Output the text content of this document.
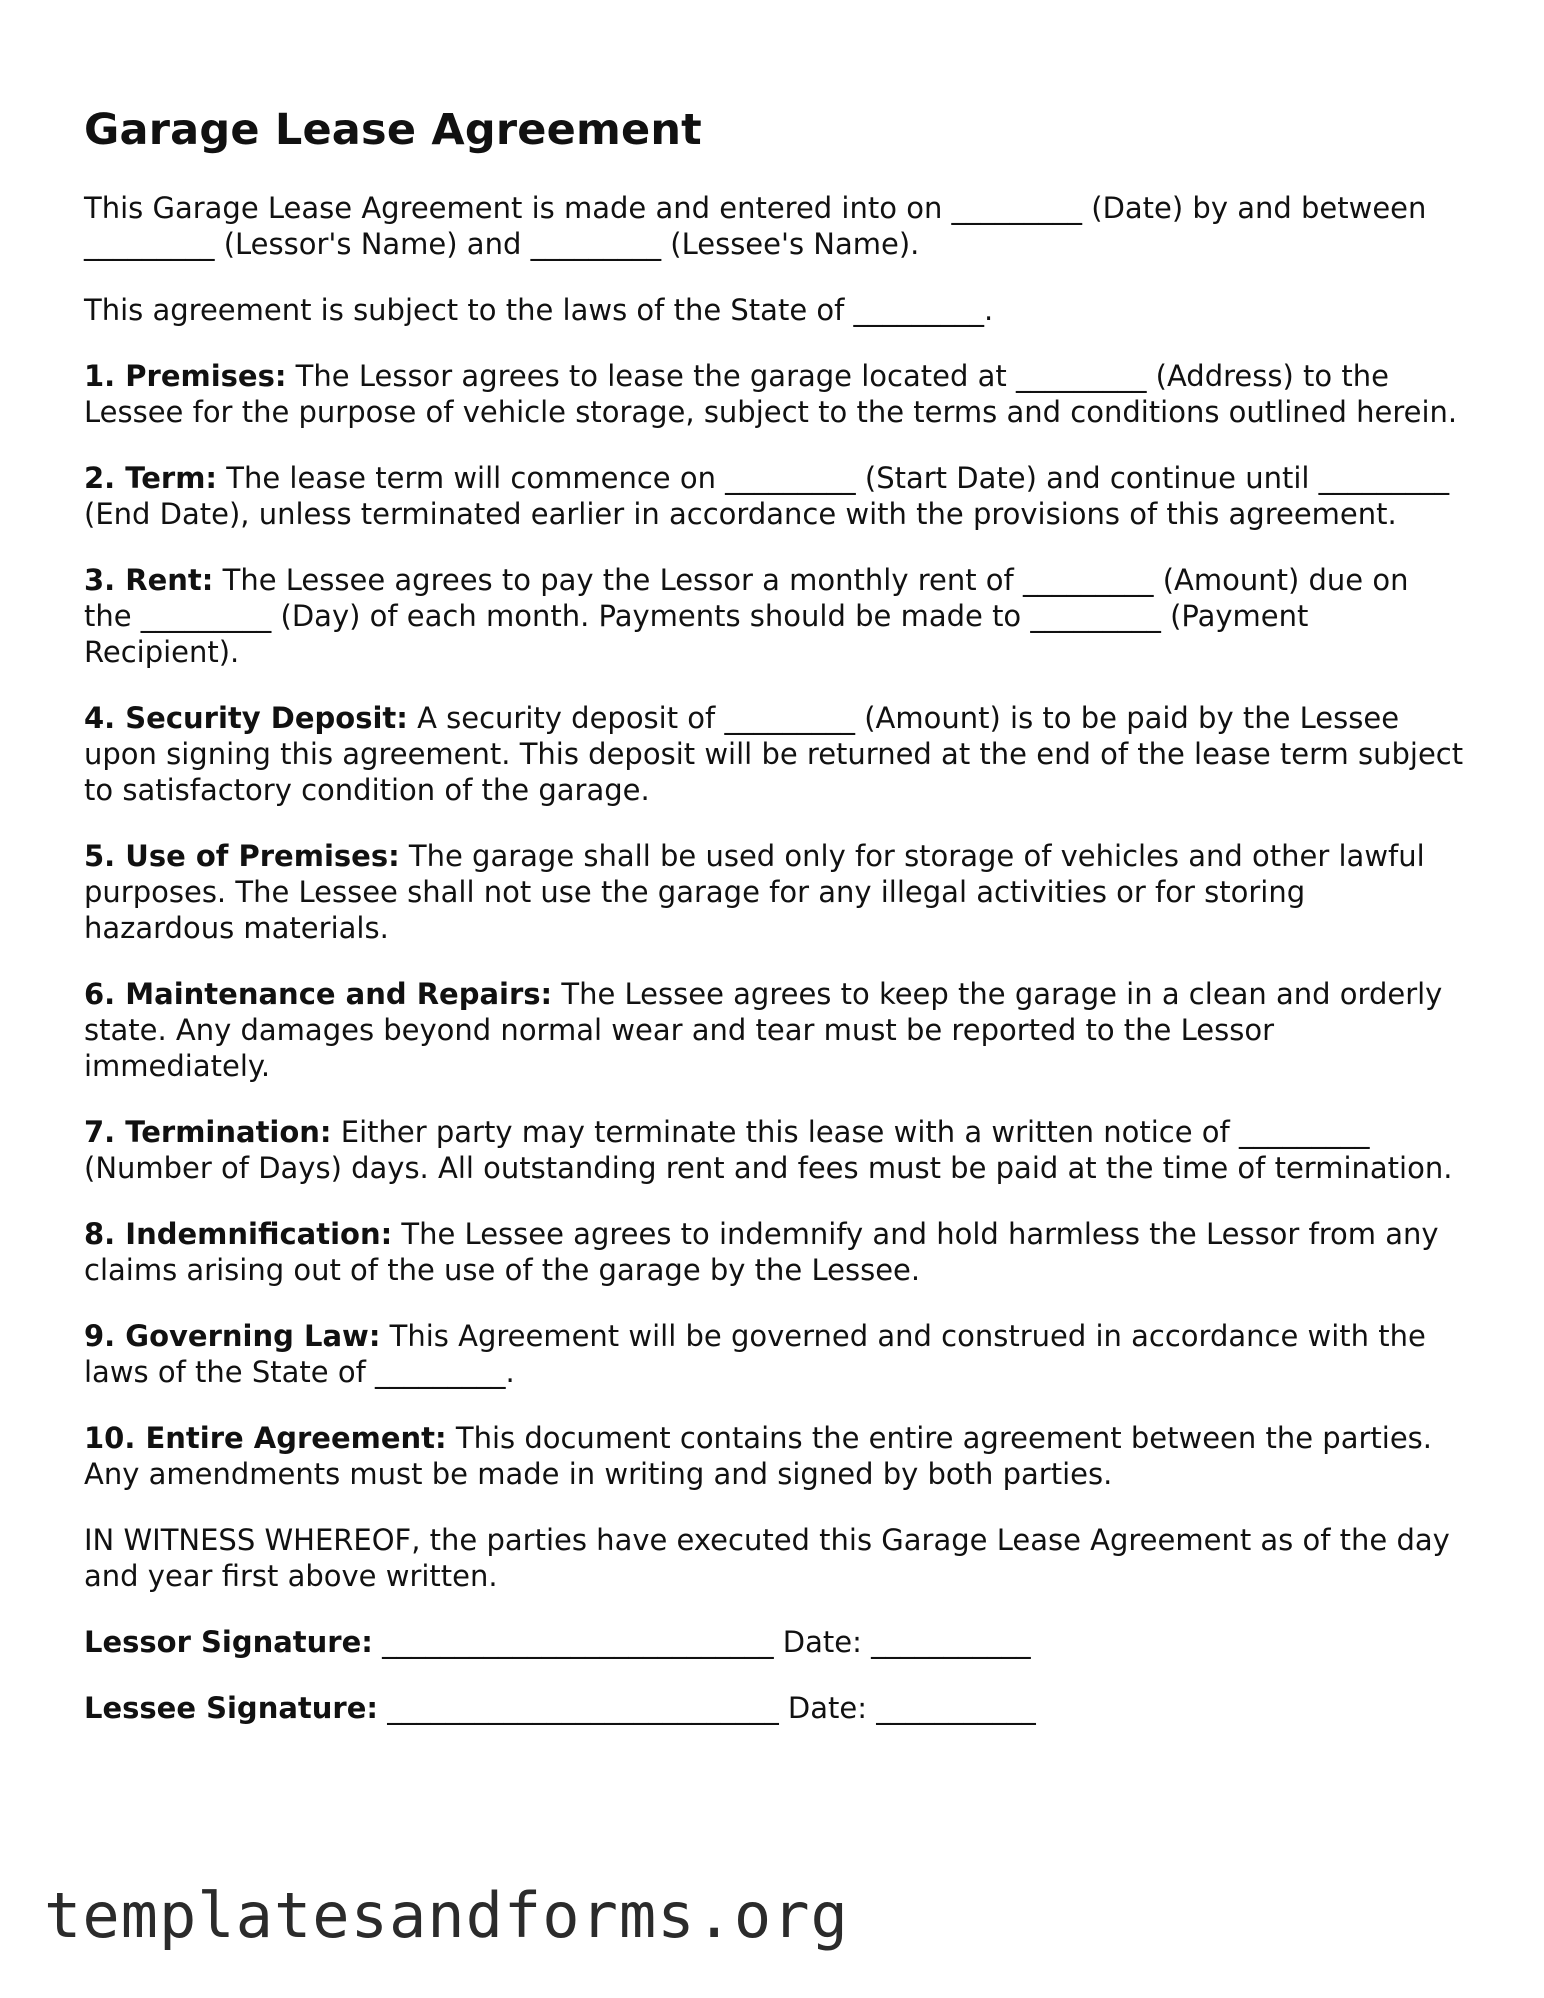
Garage Lease Agreement

This Garage Lease Agreement is made and entered into on _________ (Date) by and between _________ (Lessor's Name) and _________ (Lessee's Name).

This agreement is subject to the laws of the State of _________.

1. Premises: The Lessor agrees to lease the garage located at _________ (Address) to the Lessee for the purpose of vehicle storage, subject to the terms and conditions outlined herein.

2. Term: The lease term will commence on _________ (Start Date) and continue until _________ (End Date), unless terminated earlier in accordance with the provisions of this agreement.

3. Rent: The Lessee agrees to pay the Lessor a monthly rent of _________ (Amount) due on the _________ (Day) of each month. Payments should be made to _________ (Payment Recipient).

4. Security Deposit: A security deposit of _________ (Amount) is to be paid by the Lessee upon signing this agreement. This deposit will be returned at the end of the lease term subject to satisfactory condition of the garage.

5. Use of Premises: The garage shall be used only for storage of vehicles and other lawful purposes. The Lessee shall not use the garage for any illegal activities or for storing hazardous materials.

6. Maintenance and Repairs: The Lessee agrees to keep the garage in a clean and orderly state. Any damages beyond normal wear and tear must be reported to the Lessor immediately.

7. Termination: Either party may terminate this lease with a written notice of _________ (Number of Days) days. All outstanding rent and fees must be paid at the time of termination.

8. Indemnification: The Lessee agrees to indemnify and hold harmless the Lessor from any claims arising out of the use of the garage by the Lessee.

9. Governing Law: This Agreement will be governed and construed in accordance with the laws of the State of _________.

10. Entire Agreement: This document contains the entire agreement between the parties. Any amendments must be made in writing and signed by both parties.

IN WITNESS WHEREOF, the parties have executed this Garage Lease Agreement as of the day and year first above written.

Lessor Signature: ___________________________ Date: ___________
Lessee Signature: ___________________________ Date: ___________
templatesandforms.org
